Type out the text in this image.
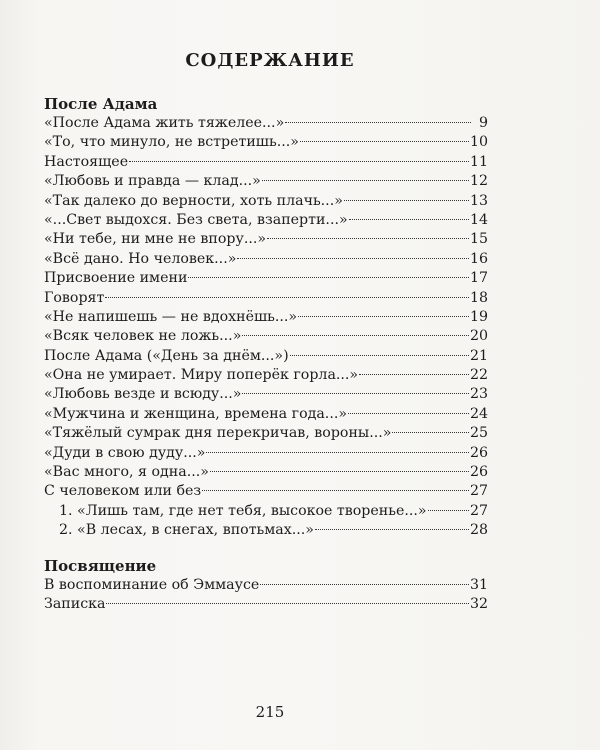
СОДЕРЖАНИЕ
После Адама
«После Адама жить тяжелее...»	9
«То, что минуло, не встретишь...»	10
Настоящее	11
«Любовь и правда — клад...»	12
«Так далеко до верности, хоть плачь...»	13
«...Свет выдохся. Без света, взаперти...»	14
«Ни тебе, ни мне не впору...»	15
«Всё дано. Но человек...»	16
Присвоение имени	17
Говорят	18
«Не напишешь — не вдохнёшь...»	19
«Всяк человек не ложь...»	20
После Адама («День за днём...»)	21
«Она не умирает. Миру поперёк горла...»	22
«Любовь везде и всюду...»	23
«Мужчина и женщина, времена года...»	24
«Тяжёлый сумрак дня перекричав, вороны...»	25
«Дуди в свою дуду...»	26
«Вас много, я одна...»	26
С человеком или без	27
1. «Лишь там, где нет тебя, высокое творенье...»	27
2. «В лесах, в снегах, впотьмах...»	28
Посвящение
В воспоминание об Эммаусе	31
Записка	32
215
